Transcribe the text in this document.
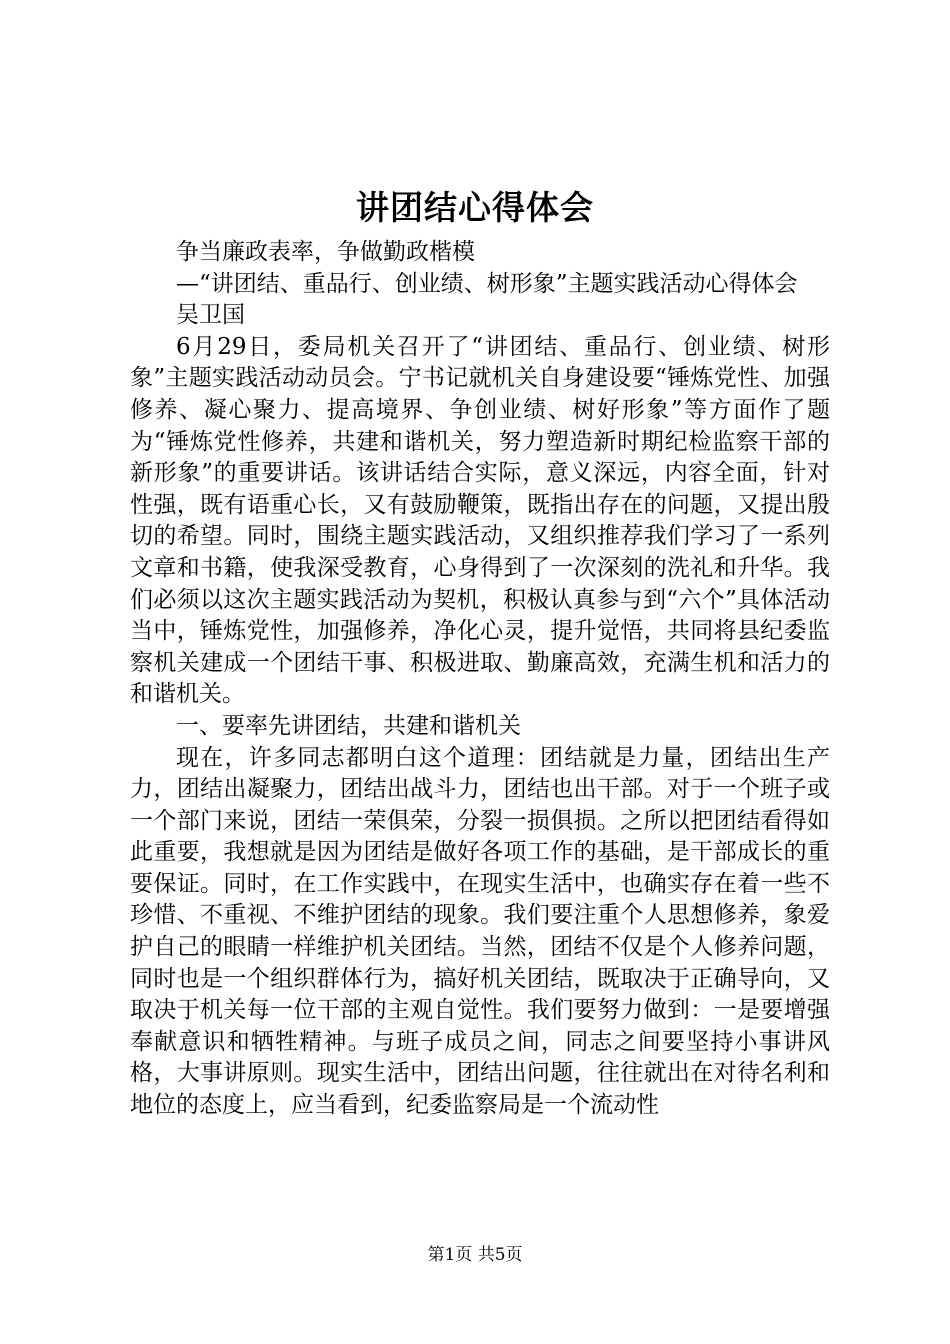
讲团结心得体会

争当廉政表率，争做勤政楷模

—“讲团结、重品行、创业绩、树形象”主题实践活动心得体会

吴卫国

6月29日，委局机关召开了“讲团结、重品行、创业绩、树形象”主题实践活动动员会。宁书记就机关自身建设要“锤炼党性、加强修养、凝心聚力、提高境界、争创业绩、树好形象”等方面作了题为“锤炼党性修养，共建和谐机关，努力塑造新时期纪检监察干部的新形象”的重要讲话。该讲话结合实际，意义深远，内容全面，针对性强，既有语重心长，又有鼓励鞭策，既指出存在的问题，又提出殷切的希望。同时，围绕主题实践活动，又组织推荐我们学习了一系列文章和书籍，使我深受教育，心身得到了一次深刻的洗礼和升华。我们必须以这次主题实践活动为契机，积极认真参与到“六个”具体活动当中，锤炼党性，加强修养，净化心灵，提升觉悟，共同将县纪委监察机关建成一个团结干事、积极进取、勤廉高效，充满生机和活力的和谐机关。

一、要率先讲团结，共建和谐机关

现在，许多同志都明白这个道理：团结就是力量，团结出生产力，团结出凝聚力，团结出战斗力，团结也出干部。对于一个班子或一个部门来说，团结一荣俱荣，分裂一损俱损。之所以把团结看得如此重要，我想就是因为团结是做好各项工作的基础，是干部成长的重要保证。同时，在工作实践中，在现实生活中，也确实存在着一些不珍惜、不重视、不维护团结的现象。我们要注重个人思想修养，象爱护自己的眼睛一样维护机关团结。当然，团结不仅是个人修养问题，同时也是一个组织群体行为，搞好机关团结，既取决于正确导向，又取决于机关每一位干部的主观自觉性。我们要努力做到：一是要增强奉献意识和牺牲精神。与班子成员之间，同志之间要坚持小事讲风格，大事讲原则。现实生活中，团结出问题，往往就出在对待名利和地位的态度上，应当看到，纪委监察局是一个流动性

第1页 共5页
